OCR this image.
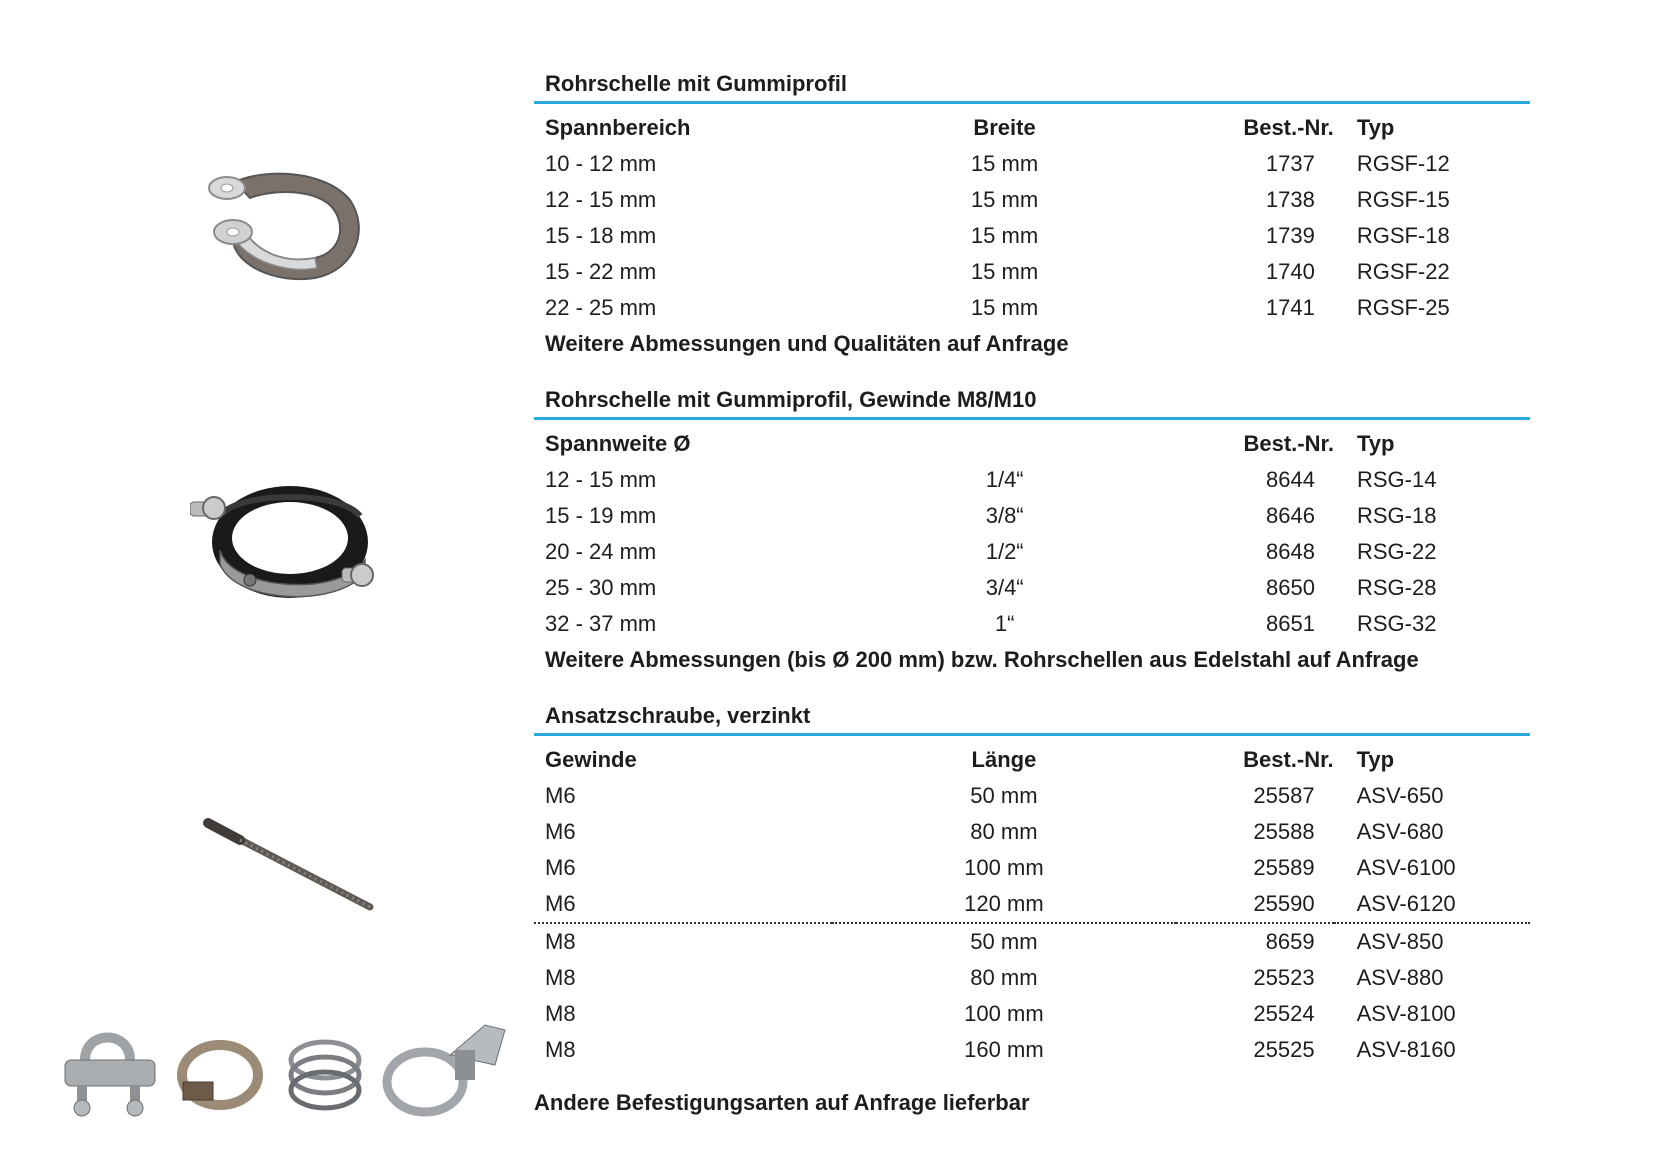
Rohrschelle mit Gummiprofil
Spannbereich	Breite	Best.-Nr.	Typ
10 - 12 mm	15 mm	1737	RGSF-12
12 - 15 mm	15 mm	1738	RGSF-15
15 - 18 mm	15 mm	1739	RGSF-18
15 - 22 mm	15 mm	1740	RGSF-22
22 - 25 mm	15 mm	1741	RGSF-25
Weitere Abmessungen und Qualitäten auf Anfrage
Rohrschelle mit Gummiprofil, Gewinde M8/M10
Spannweite Ø		Best.-Nr.	Typ
12 - 15 mm	1/4“	8644	RSG-14
15 - 19 mm	3/8“	8646	RSG-18
20 - 24 mm	1/2“	8648	RSG-22
25 - 30 mm	3/4“	8650	RSG-28
32 - 37 mm	1“	8651	RSG-32
Weitere Abmessungen (bis Ø 200 mm) bzw. Rohrschellen aus Edelstahl auf Anfrage
Ansatzschraube, verzinkt
Gewinde	Länge	Best.-Nr.	Typ
M6	50 mm	25587	ASV-650
M6	80 mm	25588	ASV-680
M6	100 mm	25589	ASV-6100
M6	120 mm	25590	ASV-6120
M8	50 mm	8659	ASV-850
M8	80 mm	25523	ASV-880
M8	100 mm	25524	ASV-8100
M8	160 mm	25525	ASV-8160
Andere Befestigungsarten auf Anfrage lieferbar
